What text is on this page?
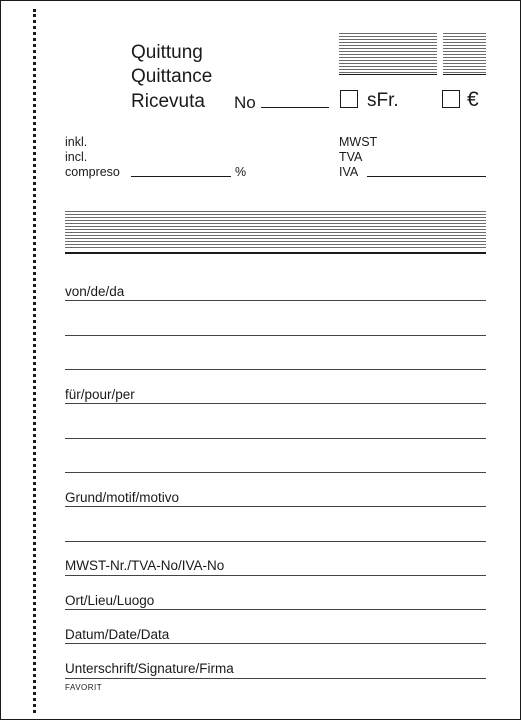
Quittung
Quittance
Ricevuta No	sFr.	€
inkl.
incl.
compreso	%
MWST
TVA
IVA
von/de/da
für/pour/per
Grund/motif/motivo
MWST-Nr./TVA-No/IVA-No
Ort/Lieu/Luogo
Datum/Date/Data
Unterschrift/Signature/Firma
FAVORIT
